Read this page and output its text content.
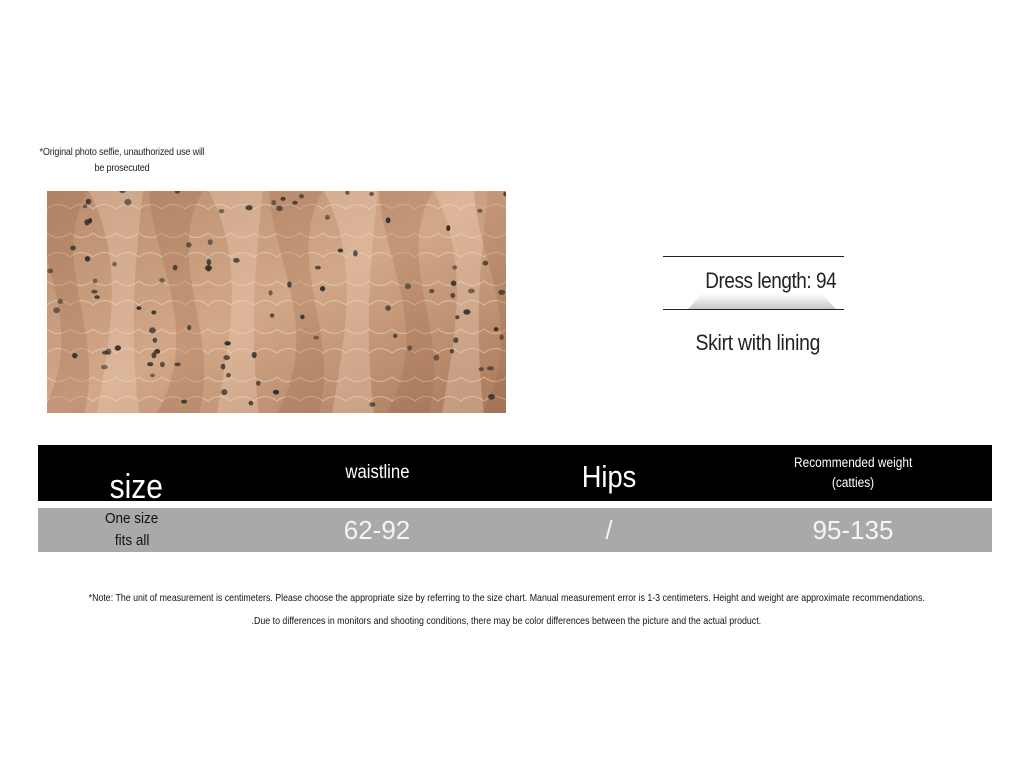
*Original photo selfie, unauthorized use will be prosecuted
Dress length: 94
Skirt with lining
size	waistline	Hips	Recommended weight
(catties)
One size
fits all	62-92	/	95-135
*Note: The unit of measurement is centimeters. Please choose the appropriate size by referring to the size chart. Manual measurement error is 1-3 centimeters. Height and weight are approximate recommendations.
.Due to differences in monitors and shooting conditions, there may be color differences between the picture and the actual product.
